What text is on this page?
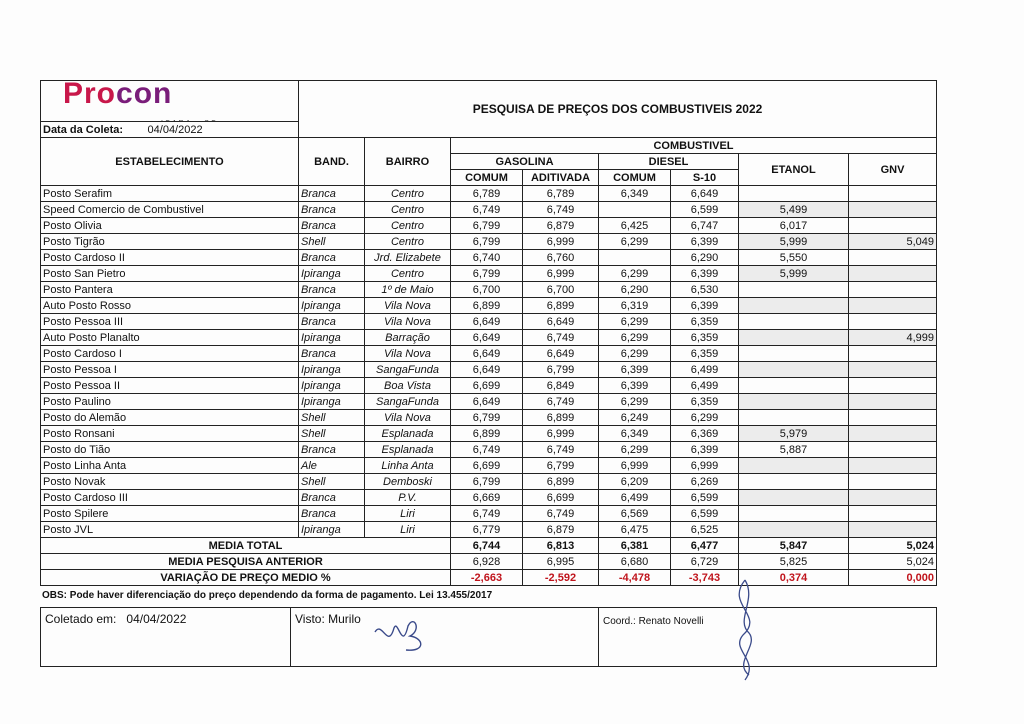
Procon	PESQUISA DE PREÇOS DOS COMBUSTIVEIS 2022							
Data da Coleta: 04/04/2022								
ESTABELECIMENTO	BAND.	BAIRRO	COMBUSTIVEL					
			GASOLINA		DIESEL		ETANOL	GNV
			COMUM	ADITIVADA	COMUM	S-10		
Posto Serafim	Branca	Centro	6,789	6,789	6,349	6,649		
Speed Comercio de Combustivel	Branca	Centro	6,749	6,749		6,599	5,499	
Posto Olivia	Branca	Centro	6,799	6,879	6,425	6,747	6,017	
Posto Tigrão	Shell	Centro	6,799	6,999	6,299	6,399	5,999	5,049
Posto Cardoso II	Branca	Jrd. Elizabete	6,740	6,760		6,290	5,550	
Posto San Pietro	Ipiranga	Centro	6,799	6,999	6,299	6,399	5,999	
Posto Pantera	Branca	1º de Maio	6,700	6,700	6,290	6,530		
Auto Posto Rosso	Ipiranga	Vila Nova	6,899	6,899	6,319	6,399		
Posto Pessoa III	Branca	Vila Nova	6,649	6,649	6,299	6,359		
Auto Posto Planalto	Ipiranga	Barração	6,649	6,749	6,299	6,359		4,999
Posto Cardoso I	Branca	Vila Nova	6,649	6,649	6,299	6,359		
Posto Pessoa I	Ipiranga	SangaFunda	6,649	6,799	6,399	6,499		
Posto Pessoa II	Ipiranga	Boa Vista	6,699	6,849	6,399	6,499		
Posto Paulino	Ipiranga	SangaFunda	6,649	6,749	6,299	6,359		
Posto do Alemão	Shell	Vila Nova	6,799	6,899	6,249	6,299		
Posto Ronsani	Shell	Esplanada	6,899	6,999	6,349	6,369	5,979	
Posto do Tião	Branca	Esplanada	6,749	6,749	6,299	6,399	5,887	
Posto Linha Anta	Ale	Linha Anta	6,699	6,799	6,999	6,999		
Posto Novak	Shell	Demboski	6,799	6,899	6,209	6,269		
Posto Cardoso III	Branca	P.V.	6,669	6,699	6,499	6,599		
Posto Spilere	Branca	Liri	6,749	6,749	6,569	6,599		
Posto JVL	Ipiranga	Liri	6,779	6,879	6,475	6,525		
MEDIA TOTAL			6,744	6,813	6,381	6,477	5,847	5,024
MEDIA PESQUISA ANTERIOR			6,928	6,995	6,680	6,729	5,825	5,024
VARIAÇÃO DE PREÇO MEDIO %			-2,663	-2,592	-4,478	-3,743	0,374	0,000
OBS: Pode haver diferenciação do preço dependendo da forma de pagamento. Lei 13.455/2017
Coletado em: 04/04/2022	Visto: Murilo	Coord.: Renato Novelli
